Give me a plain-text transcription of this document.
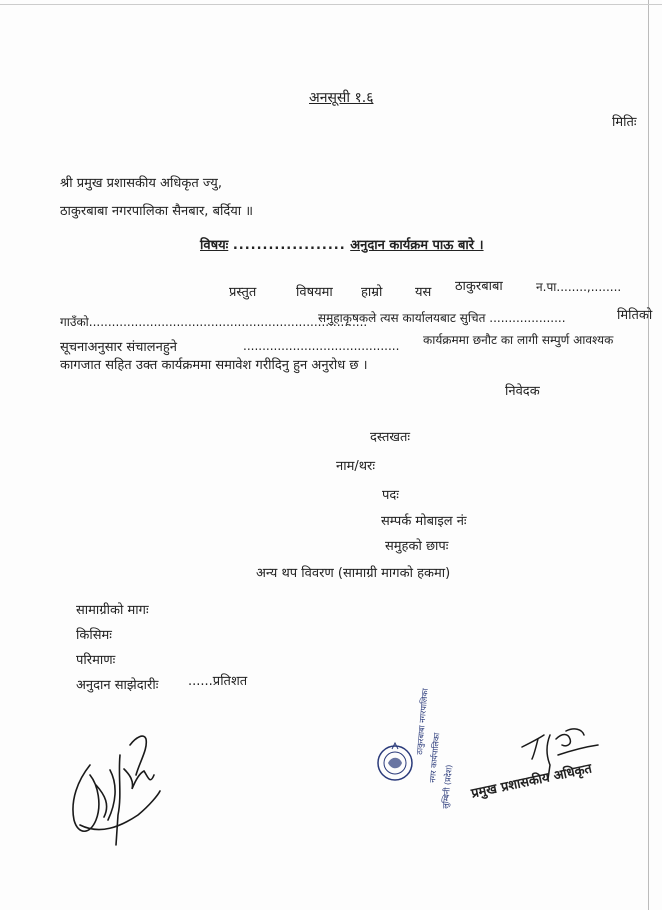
अनसूसी १.६
मितिः
श्री प्रमुख प्रशासकीय अधिकृत ज्यु,
ठाकुरबाबा नगरपालिका सैनबार, बर्दिया ॥
विषयः ................... अनुदान कार्यक्रम पाऊ बारे ।
प्रस्तुत	विषयमा हाम्रो	यस ठाकुरबाबा	न.पा........,........
गाउँको.........................................................................
समुहाकृषकले त्यस कार्यालयबाट सुचित ....................	मितिको
सूचनाअनुसार संचालनहुने	......................................... कार्यक्रममा छनौट का लागी सम्पुर्ण आवश्यक
कागजात सहित उक्त कार्यक्रममा समावेश गरीदिनु हुन अनुरोध छ ।
निवेदक
दस्तखतः
नाम/थरः
पदः
सम्पर्क मोबाइल नंः
समुहको छापः
अन्य थप विवरण (सामाग्री मागको हकमा)
सामाग्रीको मागः
किसिमः
परिमाणः
अनुदान साझेदारीः ......प्रतिशत
ठाकुरबाबा नगरपालिका
नगर कार्यपालिका
लुम्बिनी (प्रदेश)	प्रमुख प्रशासकीय अधिकृत
